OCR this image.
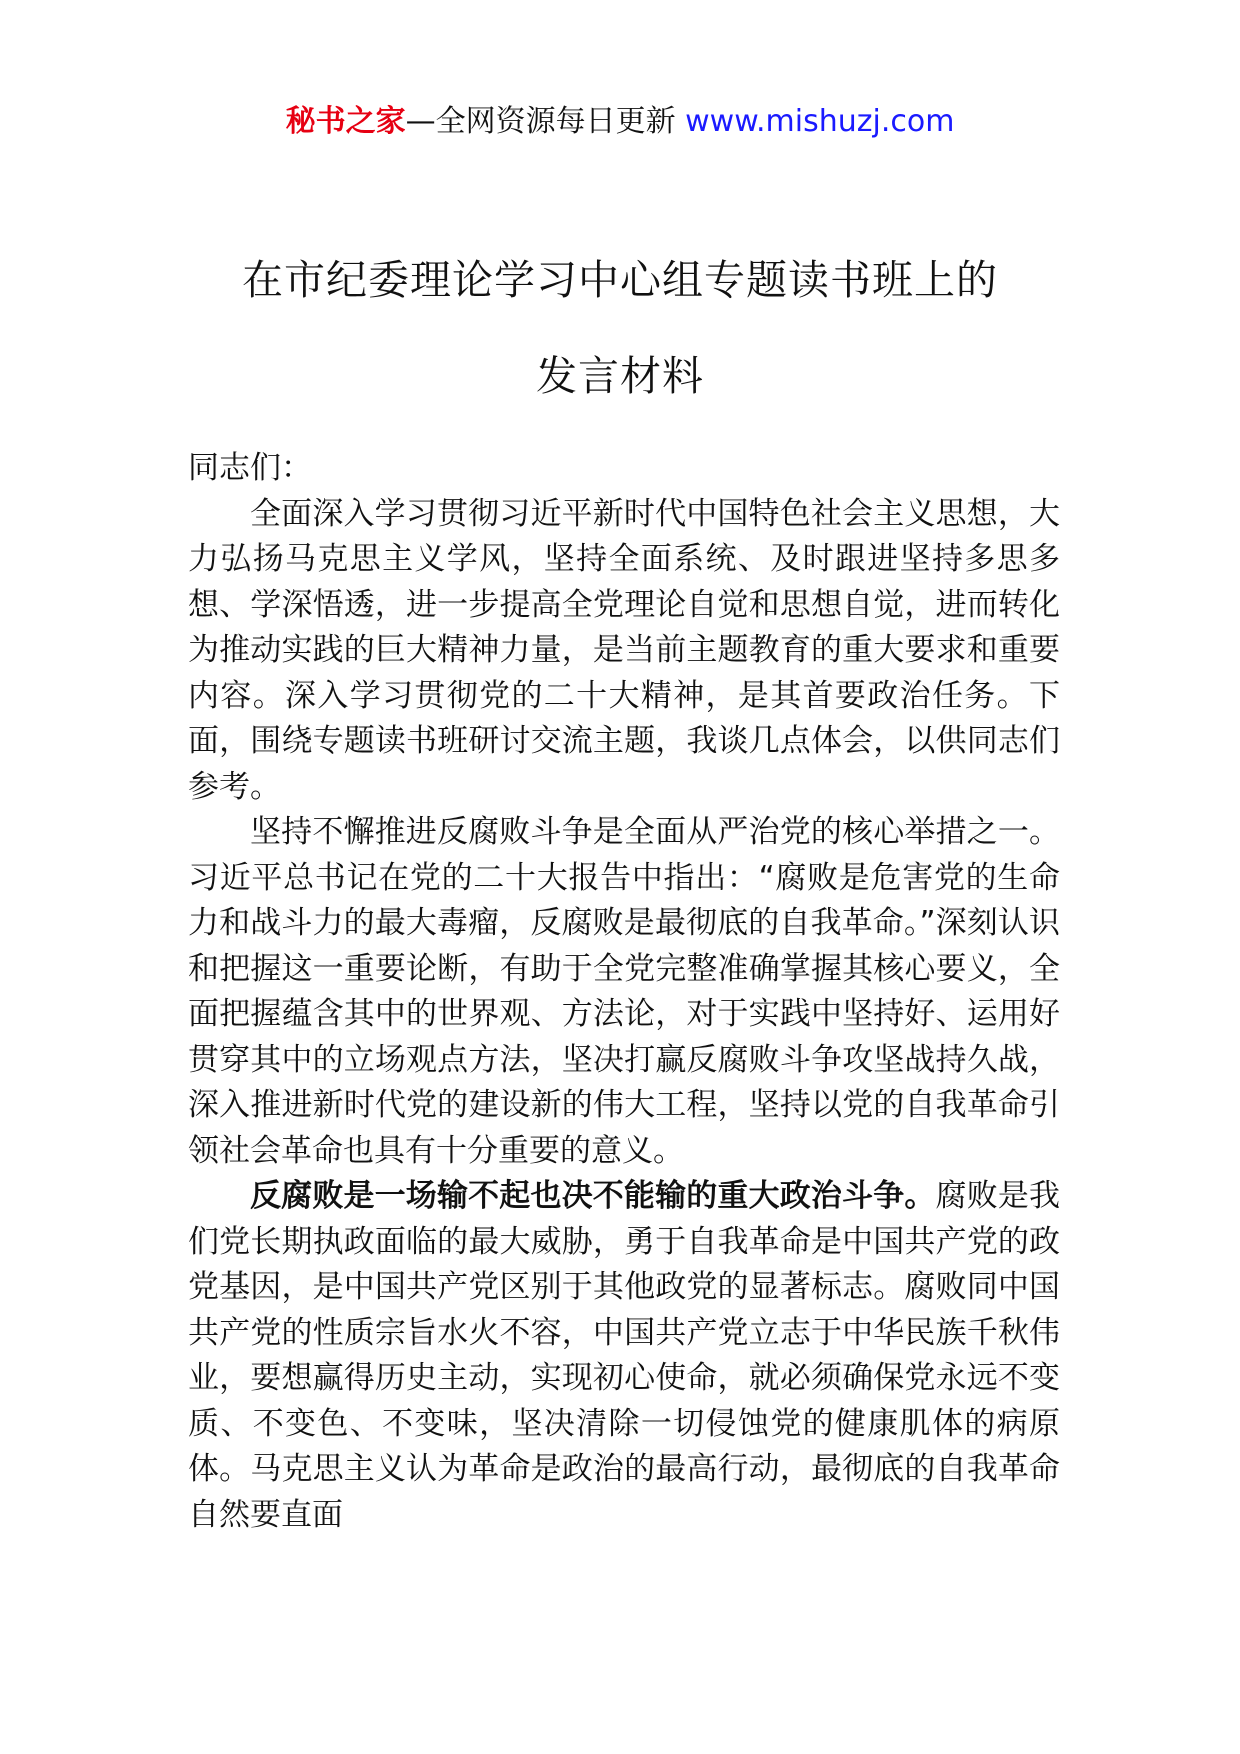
秘书之家—全网资源每日更新 www.mishuzj.com
在市纪委理论学习中心组专题读书班上的
发言材料

同志们：

全面深入学习贯彻习近平新时代中国特色社会主义思想，大力弘扬马克思主义学风，坚持全面系统、及时跟进坚持多思多想、学深悟透，进一步提高全党理论自觉和思想自觉，进而转化为推动实践的巨大精神力量，是当前主题教育的重大要求和重要内容。深入学习贯彻党的二十大精神，是其首要政治任务。下面，围绕专题读书班研讨交流主题，我谈几点体会，以供同志们参考。

坚持不懈推进反腐败斗争是全面从严治党的核心举措之一。习近平总书记在党的二十大报告中指出：“腐败是危害党的生命力和战斗力的最大毒瘤，反腐败是最彻底的自我革命。”深刻认识和把握这一重要论断，有助于全党完整准确掌握其核心要义，全面把握蕴含其中的世界观、方法论，对于实践中坚持好、运用好贯穿其中的立场观点方法，坚决打赢反腐败斗争攻坚战持久战，深入推进新时代党的建设新的伟大工程，坚持以党的自我革命引领社会革命也具有十分重要的意义。

反腐败是一场输不起也决不能输的重大政治斗争。腐败是我们党长期执政面临的最大威胁，勇于自我革命是中国共产党的政党基因，是中国共产党区别于其他政党的显著标志。腐败同中国共产党的性质宗旨水火不容，中国共产党立志于中华民族千秋伟业，要想赢得历史主动，实现初心使命，就必须确保党永远不变质、不变色、不变味，坚决清除一切侵蚀党的健康肌体的病原体。马克思主义认为革命是政治的最高行动，最彻底的自我革命自然要直面
